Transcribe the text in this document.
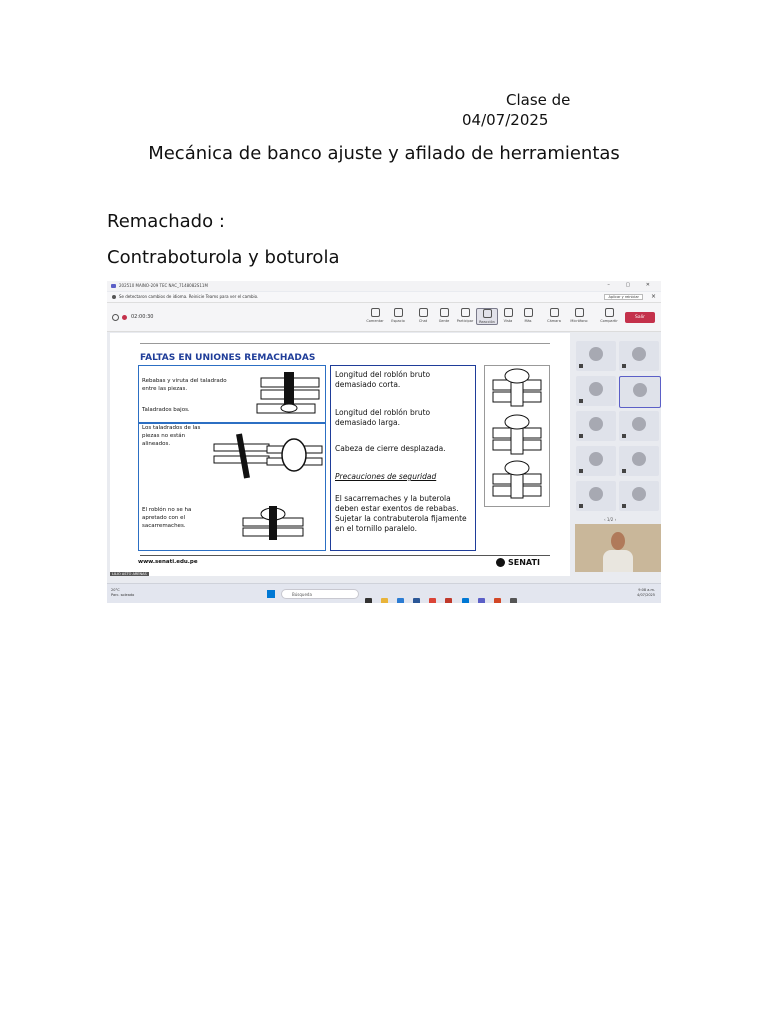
Clase de
04/07/2025
Mecánica de banco ajuste y afilado de herramientas
Remachado :
Contraboturola y boturola
202510 MAINO-209 TEC NAC_7148082S11M	– ▢ ✕
Se detectaron cambios de idioma. Reinicie Teams para ver el cambio.	Aplicar y reiniciar	×
02:00:30
Comentar	Espacio	Chat	Gente	Participar	Reacción	Vista	Más	Cámara	Micrófono	Compartir
Salir
FALTAS EN UNIONES REMACHADAS
Rebabas y viruta del taladrado entre las piezas.
Taladrados bajos.
Los taladrados de las piezas no están alineados.
El roblón no se ha apretado con el sacarremaches.
Longitud del roblón bruto demasiado corta.
Longitud del roblón bruto demasiado larga.
Cabeza de cierre desplazada.
Precauciones de seguridad
El sacarremaches y la buterola deben estar exentos de rebabas. Sujetar la contrabuterola fijamente en el tornillo paralelo.
www.senati.edu.pe	SENATI
‹ 1/2 ›
LILIO ASTO ARENAS
20°C
Parc. soleado	Búsqueda

9:08 a.m.
4/07/2025
